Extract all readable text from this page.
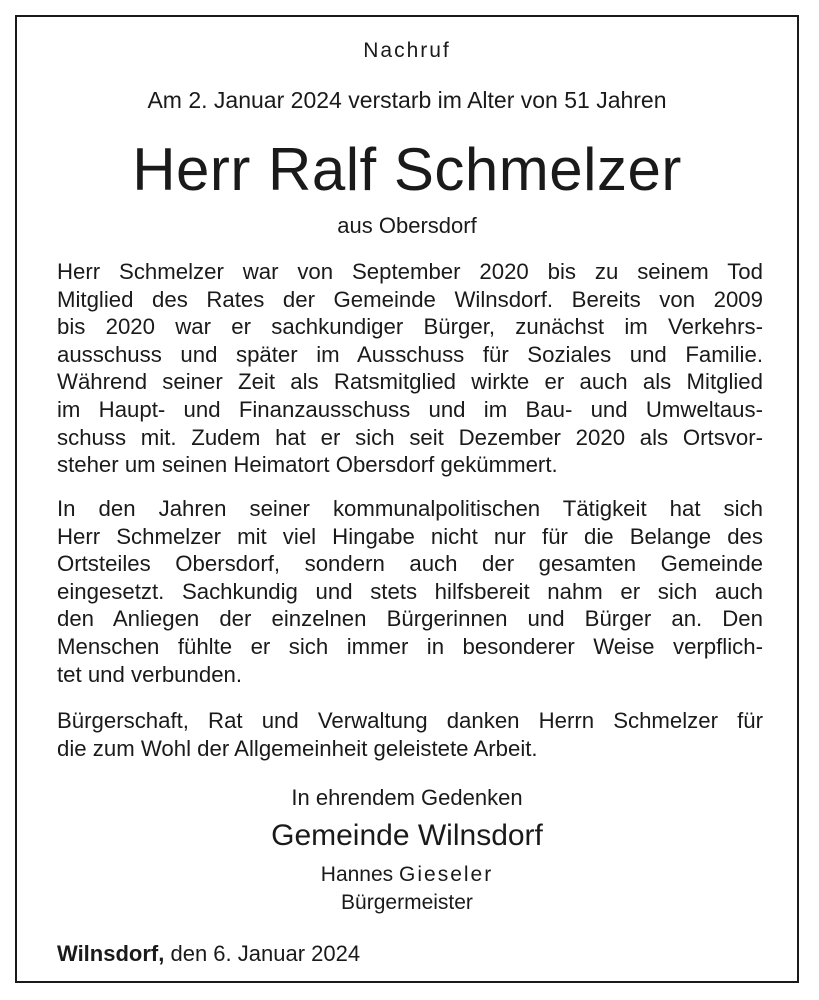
Nachruf
Am 2. Januar 2024 verstarb im Alter von 51 Jahren
Herr Ralf Schmelzer
aus Obersdorf
Herr Schmelzer war von September 2020 bis zu seinem Tod
Mitglied des Rates der Gemeinde Wilnsdorf. Bereits von 2009
bis 2020 war er sachkundiger Bürger, zunächst im Verkehrs-
ausschuss und später im Ausschuss für Soziales und Familie.
Während seiner Zeit als Ratsmitglied wirkte er auch als Mitglied
im Haupt- und Finanzausschuss und im Bau- und Umweltaus-
schuss mit. Zudem hat er sich seit Dezember 2020 als Ortsvor-
steher um seinen Heimatort Obersdorf gekümmert.
In den Jahren seiner kommunalpolitischen Tätigkeit hat sich
Herr Schmelzer mit viel Hingabe nicht nur für die Belange des
Ortsteiles Obersdorf, sondern auch der gesamten Gemeinde
eingesetzt. Sachkundig und stets hilfsbereit nahm er sich auch
den Anliegen der einzelnen Bürgerinnen und Bürger an. Den
Menschen fühlte er sich immer in besonderer Weise verpflich-
tet und verbunden.
Bürgerschaft, Rat und Verwaltung danken Herrn Schmelzer für
die zum Wohl der Allgemeinheit geleistete Arbeit.
In ehrendem Gedenken
Gemeinde Wilnsdorf
Hannes Gieseler
Bürgermeister
Wilnsdorf, den 6. Januar 2024
